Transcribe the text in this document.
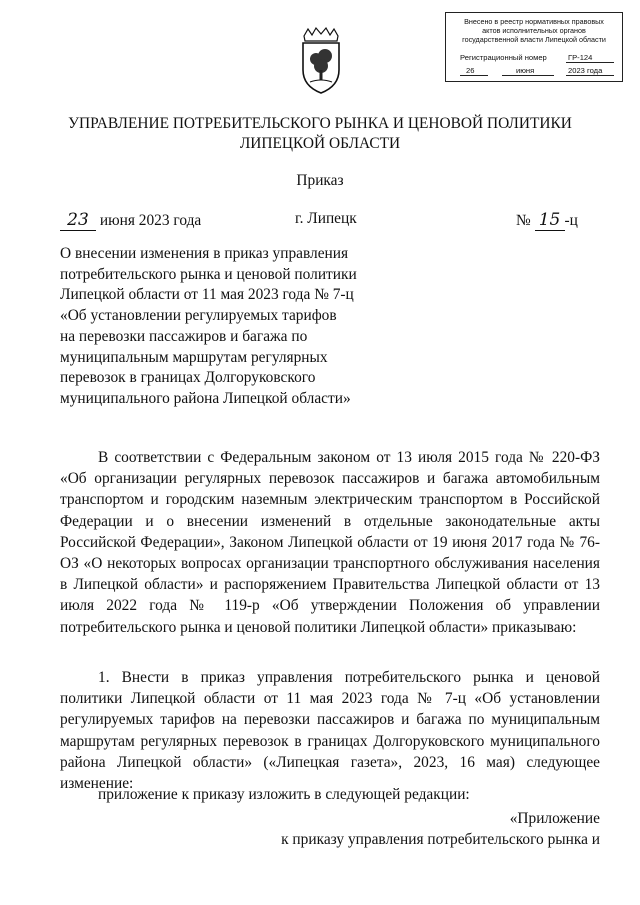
Внесено в реестр нормативных правовых
актов исполнительных органов
государственной власти Липецкой области
Регистрационный номер	ГР-124
26	июня	2023 года
УПРАВЛЕНИЕ ПОТРЕБИТЕЛЬСКОГО РЫНКА И ЦЕНОВОЙ ПОЛИТИКИ
ЛИПЕЦКОЙ ОБЛАСТИ
Приказ
23 июня 2023 года	г. Липецк	№ 15 -ц
О внесении изменения в приказ управления
потребительского рынка и ценовой политики
Липецкой области от 11 мая 2023 года № 7-ц
«Об установлении регулируемых тарифов
на перевозки пассажиров и багажа по
муниципальным маршрутам регулярных
перевозок в границах Долгоруковского
муниципального района Липецкой области»
В соответствии с Федеральным законом от 13 июля 2015 года № 220-ФЗ «Об организации регулярных перевозок пассажиров и багажа автомобильным транспортом и городским наземным электрическим транспортом в Российской Федерации и о внесении изменений в отдельные законодательные акты Российской Федерации», Законом Липецкой области от 19 июня 2017 года № 76-ОЗ «О некоторых вопросах организации транспортного обслуживания населения в Липецкой области» и распоряжением Правительства Липецкой области от 13 июля 2022 года № 119-р «Об утверждении Положения об управлении потребительского рынка и ценовой политики Липецкой области» приказываю:
1. Внести в приказ управления потребительского рынка и ценовой политики Липецкой области от 11 мая 2023 года № 7-ц «Об установлении регулируемых тарифов на перевозки пассажиров и багажа по муниципальным маршрутам регулярных перевозок в границах Долгоруковского муниципального района Липецкой области» («Липецкая газета», 2023, 16 мая) следующее изменение:
приложение к приказу изложить в следующей редакции:
«Приложение
к приказу управления потребительского рынка и
